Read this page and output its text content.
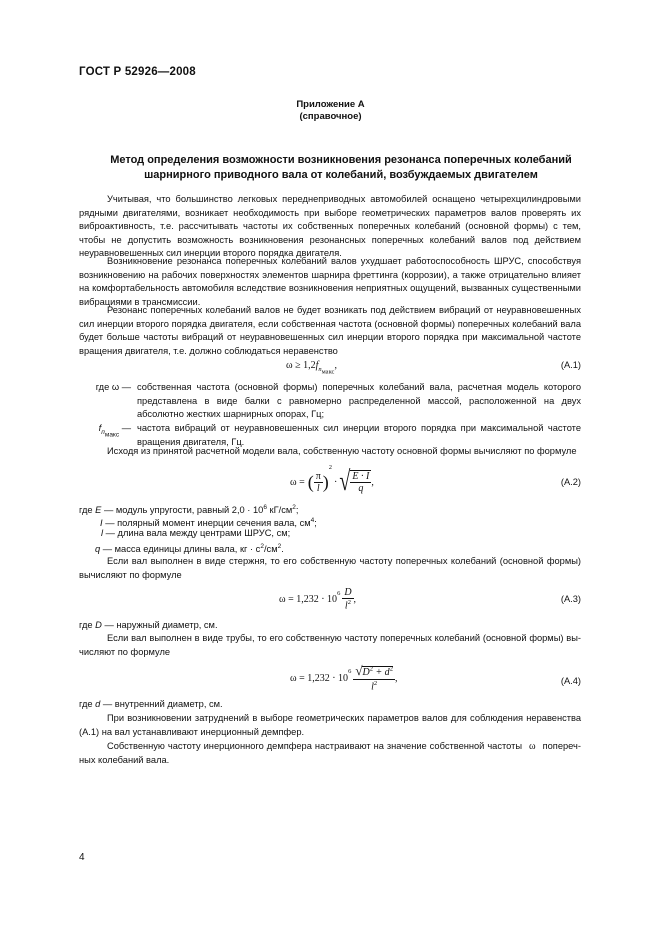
ГОСТ Р 52926—2008
Приложение А
(справочное)
Метод определения возможности возникновения резонанса поперечных колебаний
шарнирного приводного вала от колебаний, возбуждаемых двигателем
Учитывая, что большинство легковых переднеприводных автомобилей оснащено четырехцилиндровыми рядными двигателями, возникает необходимость при выборе геометрических параметров валов проверять их виброактивность, т.е. рассчитывать частоты их собственных поперечных колебаний (основной формы) с тем, чтобы не допустить возможность возникновения резонансных поперечных колебаний валов под действием неуравновешенных сил инерции второго порядка двигателя.
Возникновение резонанса поперечных колебаний валов ухудшает работоспособность ШРУС, способствуя возникновению на рабочих поверхностях элементов шарнира фреттинга (коррозии), а также отрицательно влияет на комфортабельность автомобиля вследствие возникновения неприятных ощущений, вызванных существенными вибрациями в трансмиссии.
Резонанс поперечных колебаний валов не будет возникать под действием вибраций от неуравновешенных сил инерции второго порядка двигателя, если собственная частота (основной формы) поперечных колебаний вала будет больше частоты вибраций от неуравновешенных сил инерции второго порядка при максимальной частоте вращения двигателя, т.е. должно соблюдаться неравенство
$\omega \ge 1,2f_{п_{макс}}$,	(А.1)
где ω — собственная частота (основной формы) поперечных колебаний вала, расчетная модель которого представлена в виде балки с равномерно распределенной массой, расположенной на двух абсолютно жестких шарнирных опорах, Гц;
$f_{п_{макс}}$ — частота вибраций от неуравновешенных сил инерции второго порядка при максимальной частоте вращения двигателя, Гц.
Исходя из принятой расчетной модели вала, собственную частоту основной формы вычисляют по формуле
ω = ( $\frac{\pi}{l}$ )
2
· √ $\frac{E \cdot I}{q}$ ,	(А.2)
где E — модуль упругости, равный $2,0 \cdot 10^6$ $кГ/см^2$;
I — полярный момент инерции сечения вала, $см^4$;
l — длина вала между центрами ШРУС, см;
q — масса единицы длины вала, кг · $с^2/см^2$.
Если вал выполнен в виде стержня, то его собственную частоту поперечных колебаний (основной формы) вычисляют по формуле
$\omega = 1,232 \cdot 10^6 \frac{D}{l^2}$ ,	(А.3)
где D — наружный диаметр, см.
Если вал выполнен в виде трубы, то его собственную частоту поперечных колебаний (основной формы) вычисляют по формуле
ω = 1,232 · 10
$^6 \frac{√D^2 + d^2}{l^2}$ ,	(А.4)
где d — внутренний диаметр, см.
При возникновении затруднений в выборе геометрических параметров валов для соблюдения неравенства (А.1) на вал устанавливают инерционный демпфер.
Собственную частоту инерционного демпфера настраивают на значение собственной частоты ω поперечных колебаний вала.
4
